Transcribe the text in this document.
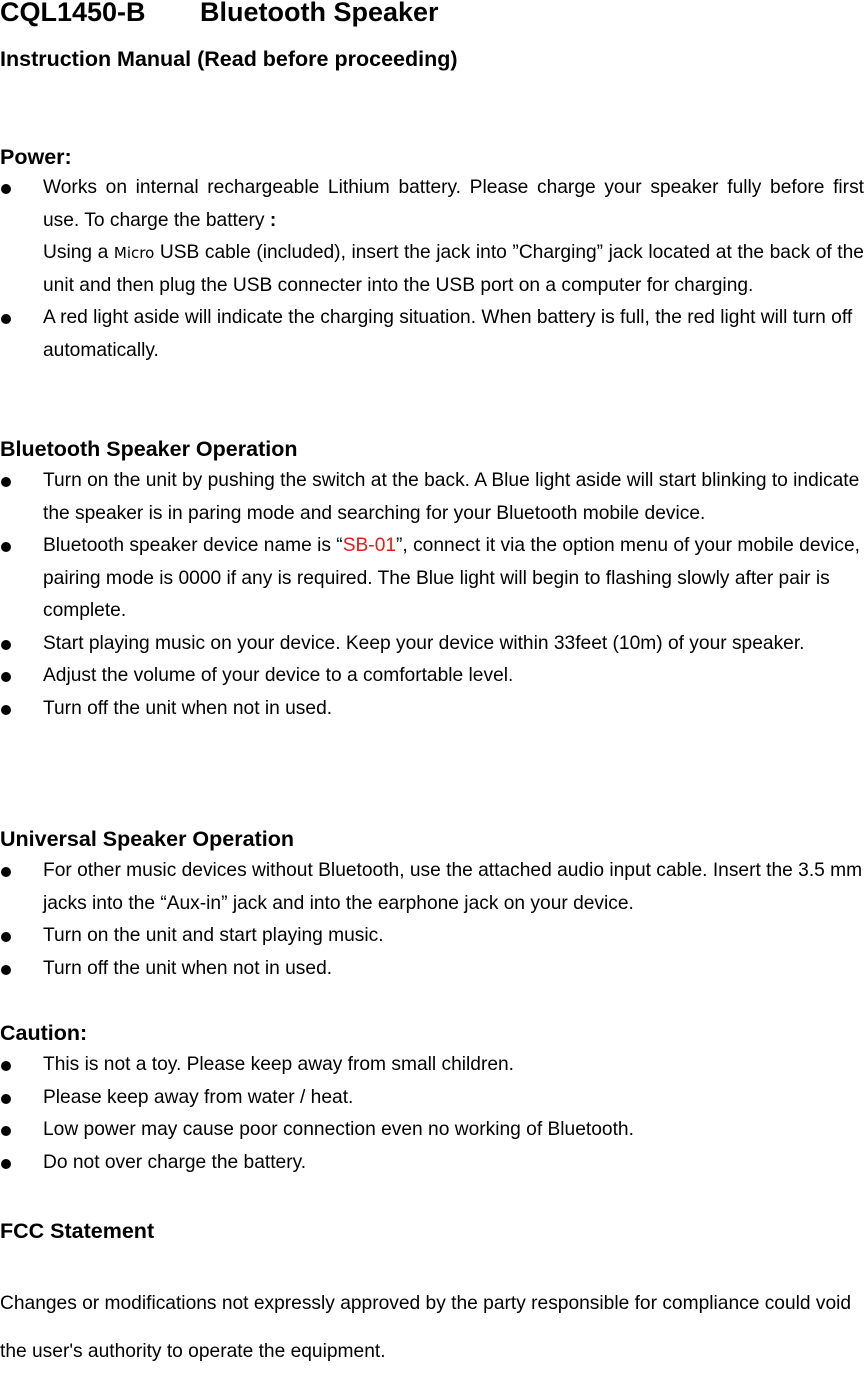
CQL1450-B Bluetooth Speaker
Instruction Manual (Read before proceeding)
Power:
Works on internal rechargeable Lithium battery. Please charge your speaker fully before first use. To charge the battery :
Using a Micro USB cable (included), insert the jack into ”Charging” jack located at the back of the unit and then plug the USB connecter into the USB port on a computer for charging.
A red light aside will indicate the charging situation. When battery is full, the red light will turn off automatically.
Bluetooth Speaker Operation
Turn on the unit by pushing the switch at the back. A Blue light aside will start blinking to indicate the speaker is in paring mode and searching for your Bluetooth mobile device.
Bluetooth speaker device name is “SB-01”, connect it via the option menu of your mobile device, pairing mode is 0000 if any is required. The Blue light will begin to flashing slowly after pair is complete.
Start playing music on your device. Keep your device within 33feet (10m) of your speaker.
Adjust the volume of your device to a comfortable level.
Turn off the unit when not in used.
Universal Speaker Operation
For other music devices without Bluetooth, use the attached audio input cable. Insert the 3.5 mm jacks into the “Aux-in” jack and into the earphone jack on your device.
Turn on the unit and start playing music.
Turn off the unit when not in used.
Caution:
This is not a toy. Please keep away from small children.
Please keep away from water / heat.
Low power may cause poor connection even no working of Bluetooth.
Do not over charge the battery.
FCC Statement

Changes or modifications not expressly approved by the party responsible for compliance could void the user's authority to operate the equipment.
